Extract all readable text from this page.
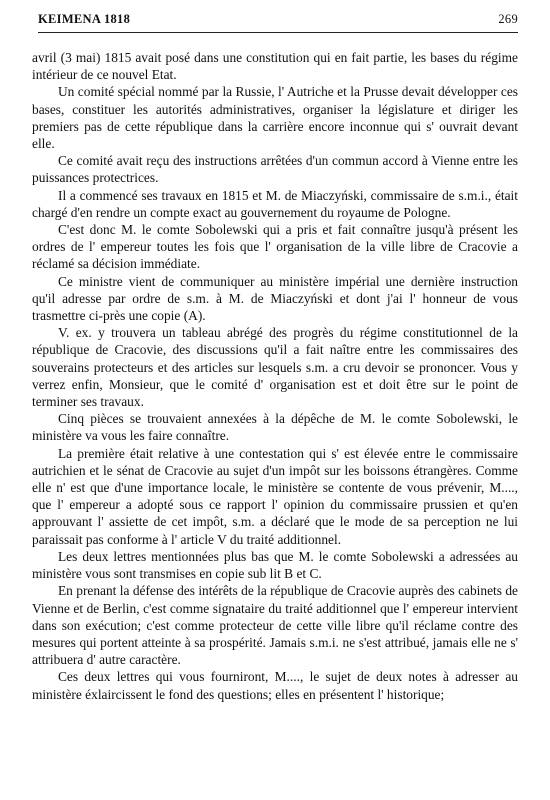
KEIMENA 1818	269

avril (3 mai) 1815 avait posé dans une constitution qui en fait partie, les bases du régime intérieur de ce nouvel Etat.

Un comité spécial nommé par la Russie, l' Autriche et la Prusse devait développer ces bases, constituer les autorités administratives, organiser la législature et diriger les premiers pas de cette république dans la carrière encore inconnue qui s' ouvrait devant elle.

Ce comité avait reçu des instructions arrêtées d'un commun accord à Vienne entre les puissances protectrices.

Il a commencé ses travaux en 1815 et M. de Miaczyński, commissaire de s.m.i., était chargé d'en rendre un compte exact au gouvernement du royaume de Pologne.

C'est donc M. le comte Sobolewski qui a pris et fait connaître jusqu'à présent les ordres de l' empereur toutes les fois que l' organisation de la ville libre de Cracovie a réclamé sa décision immédiate.

Ce ministre vient de communiquer au ministère impérial une dernière instruction qu'il adresse par ordre de s.m. à M. de Miaczyński et dont j'ai l' honneur de vous trasmettre ci-près une copie (A).

V. ex. y trouvera un tableau abrégé des progrès du régime constitutionnel de la république de Cracovie, des discussions qu'il a fait naître entre les commissaires des souverains protecteurs et des articles sur lesquels s.m. a cru devoir se prononcer. Vous y verrez enfin, Monsieur, que le comité d' organisation est et doit être sur le point de terminer ses travaux.

Cinq pièces se trouvaient annexées à la dépêche de M. le comte Sobolewski, le ministère va vous les faire connaître.

La première était relative à une contestation qui s' est élevée entre le commissaire autrichien et le sénat de Cracovie au sujet d'un impôt sur les boissons étrangères. Comme elle n' est que d'une importance locale, le ministère se contente de vous prévenir, M...., que l' empereur a adopté sous ce rapport l' opinion du commissaire prussien et qu'en approuvant l' assiette de cet impôt, s.m. a déclaré que le mode de sa perception ne lui paraissait pas conforme à l' article V du traité additionnel.

Les deux lettres mentionnées plus bas que M. le comte Sobolewski a adressées au ministère vous sont transmises en copie sub lit B et C.

En prenant la défense des intérêts de la république de Cracovie auprès des cabinets de Vienne et de Berlin, c'est comme signataire du traité additionnel que l' empereur intervient dans son exécution; c'est comme protecteur de cette ville libre qu'il réclame contre des mesures qui portent atteinte à sa prospérité. Jamais s.m.i. ne s'est attribué, jamais elle ne s' attribuera d' autre caractère.

Ces deux lettres qui vous fourniront, M...., le sujet de deux notes à adresser au ministère éxlaircissent le fond des questions; elles en présentent l' historique;
